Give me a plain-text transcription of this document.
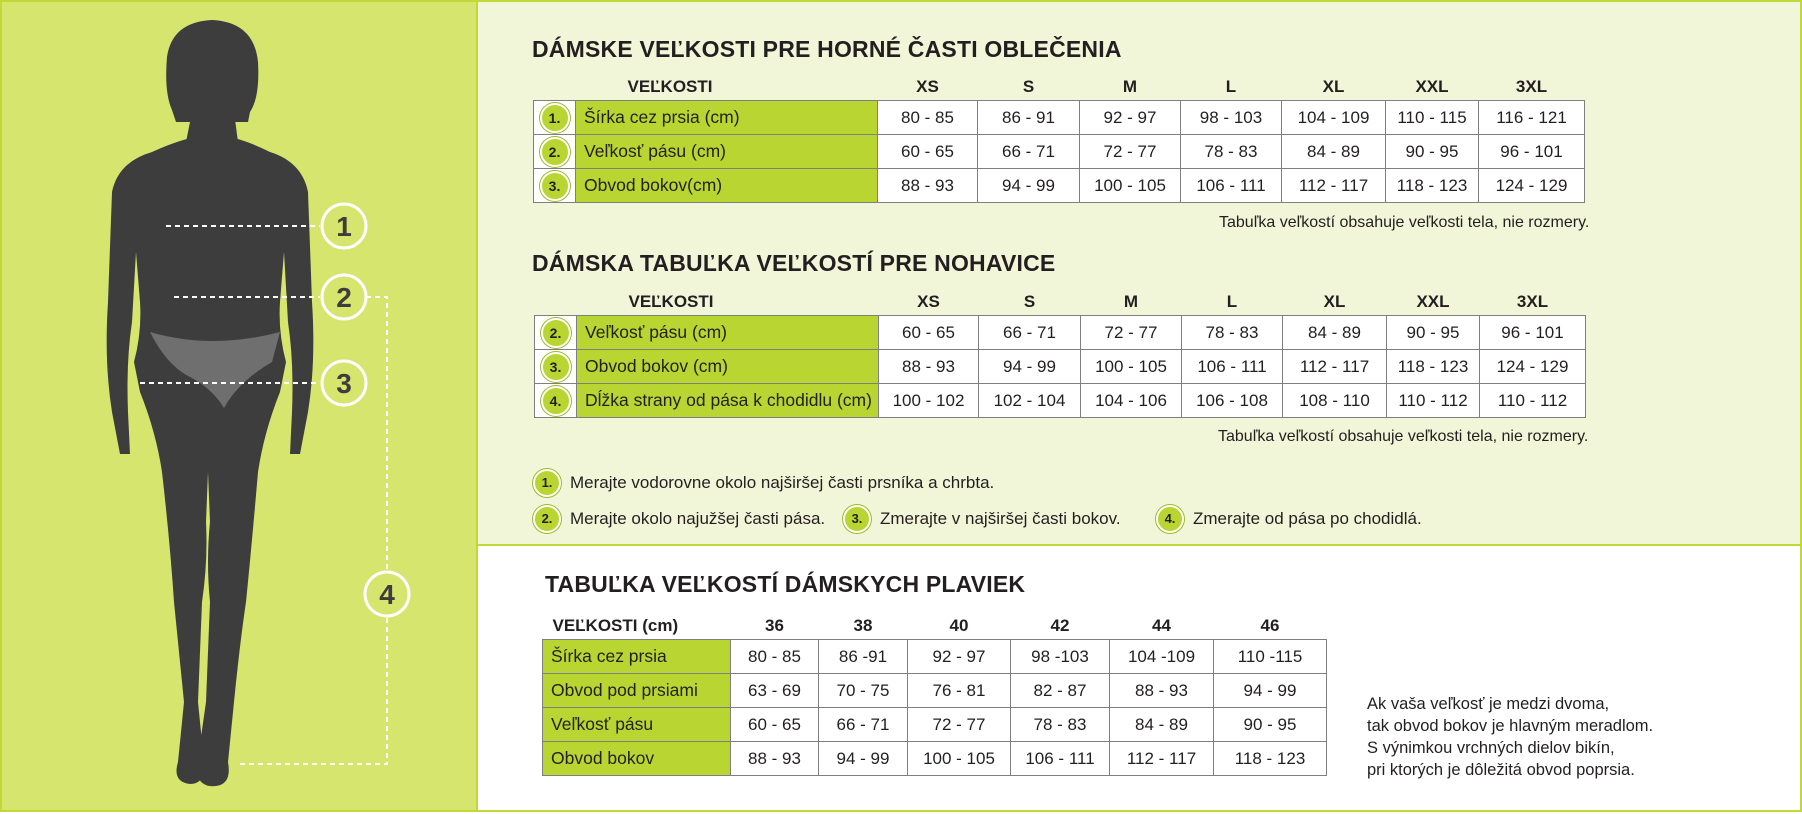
1
2
3
4
DÁMSKE VEĽKOSTI PRE HORNÉ ČASTI OBLEČENIA
	VEĽKOSTI	XS	S	M	L	XL	XXL	3XL
1.	Šírka cez prsia (cm)	80 - 85	86 - 91	92 - 97	98 - 103	104 - 109	110 - 115	116 - 121
2.	Veľkosť pásu (cm)	60 - 65	66 - 71	72 - 77	78 - 83	84 - 89	90 - 95	96 - 101
3.	Obvod bokov(cm)	88 - 93	94 - 99	100 - 105	106 - 111	112 - 117	118 - 123	124 - 129
Tabuľka veľkostí obsahuje veľkosti tela, nie rozmery.
DÁMSKA TABUĽKA VEĽKOSTÍ PRE NOHAVICE
	VEĽKOSTI	XS	S	M	L	XL	XXL	3XL
2.	Veľkosť pásu (cm)	60 - 65	66 - 71	72 - 77	78 - 83	84 - 89	90 - 95	96 - 101
3.	Obvod bokov (cm)	88 - 93	94 - 99	100 - 105	106 - 111	112 - 117	118 - 123	124 - 129
4.	Dĺžka strany od pása k chodidlu (cm)	100 - 102	102 - 104	104 - 106	106 - 108	108 - 110	110 - 112	110 - 112
Tabuľka veľkostí obsahuje veľkosti tela, nie rozmery.
1.	Merajte vodorovne okolo najširšej časti prsníka a chrbta.
2.	Merajte okolo najužšej časti pása.	3.	Zmerajte v najširšej časti bokov.	4.	Zmerajte od pása po chodidlá.
TABUĽKA VEĽKOSTÍ DÁMSKYCH PLAVIEK
VEĽKOSTI (cm)	36	38	40	42	44	46
Šírka cez prsia	80 - 85	86 -91	92 - 97	98 -103	104 -109	110 -115
Obvod pod prsiami	63 - 69	70 - 75	76 - 81	82 - 87	88 - 93	94 - 99
Veľkosť pásu	60 - 65	66 - 71	72 - 77	78 - 83	84 - 89	90 - 95
Obvod bokov	88 - 93	94 - 99	100 - 105	106 - 111	112 - 117	118 - 123
Ak vaša veľkosť je medzi dvoma,
tak obvod bokov je hlavným meradlom.
S výnimkou vrchných dielov bikín,
pri ktorých je dôležitá obvod poprsia.
